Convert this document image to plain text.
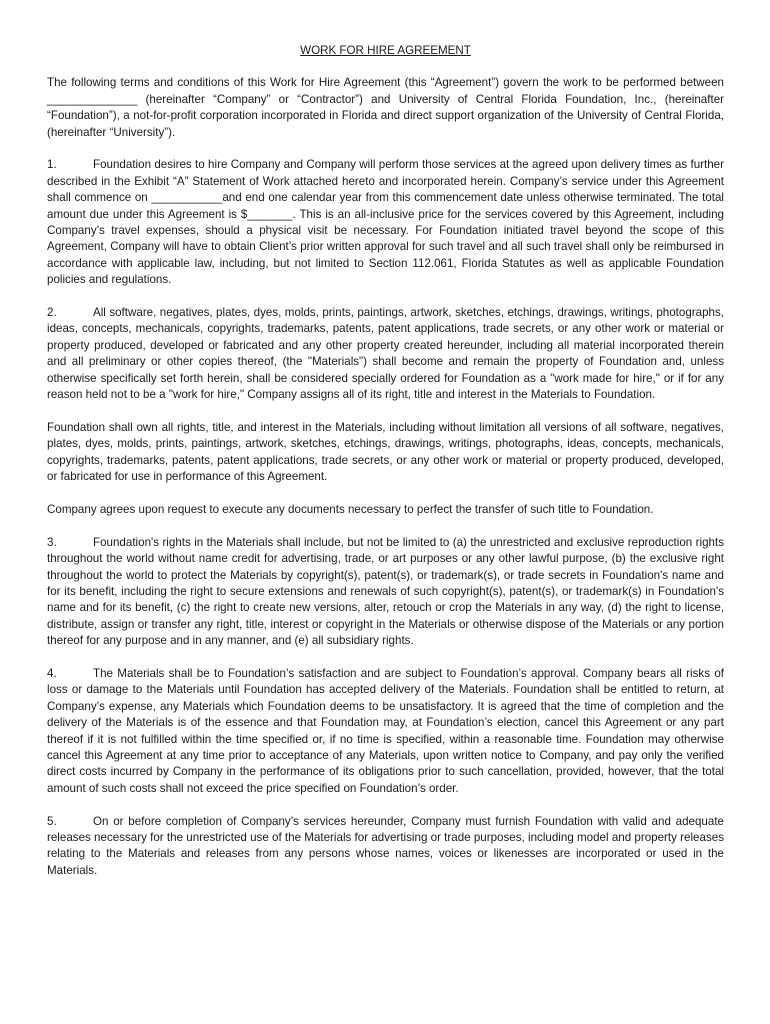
WORK FOR HIRE AGREEMENT

The following terms and conditions of this Work for Hire Agreement (this “Agreement”) govern the work to be performed between ______________ (hereinafter “Company” or “Contractor”) and University of Central Florida Foundation, Inc., (hereinafter “Foundation”), a not-for-profit corporation incorporated in Florida and direct support organization of the University of Central Florida, (hereinafter “University”).

1.	Foundation desires to hire Company and Company will perform those services at the agreed upon delivery times as further described in the Exhibit “A” Statement of Work attached hereto and incorporated herein. Company’s service under this Agreement shall commence on ___________and end one calendar year from this commencement date unless otherwise terminated. The total amount due under this Agreement is $_______. This is an all-inclusive price for the services covered by this Agreement, including Company’s travel expenses, should a physical visit be necessary. For Foundation initiated travel beyond the scope of this Agreement, Company will have to obtain Client’s prior written approval for such travel and all such travel shall only be reimbursed in accordance with applicable law, including, but not limited to Section 112.061, Florida Statutes as well as applicable Foundation policies and regulations.

2.	All software, negatives, plates, dyes, molds, prints, paintings, artwork, sketches, etchings, drawings, writings, photographs, ideas, concepts, mechanicals, copyrights, trademarks, patents, patent applications, trade secrets, or any other work or material or property produced, developed or fabricated and any other property created hereunder, including all material incorporated therein and all preliminary or other copies thereof, (the "Materials") shall become and remain the property of Foundation and, unless otherwise specifically set forth herein, shall be considered specially ordered for Foundation as a "work made for hire," or if for any reason held not to be a "work for hire," Company assigns all of its right, title and interest in the Materials to Foundation.

Foundation shall own all rights, title, and interest in the Materials, including without limitation all versions of all software, negatives, plates, dyes, molds, prints, paintings, artwork, sketches, etchings, drawings, writings, photographs, ideas, concepts, mechanicals, copyrights, trademarks, patents, patent applications, trade secrets, or any other work or material or property produced, developed, or fabricated for use in performance of this Agreement.

Company agrees upon request to execute any documents necessary to perfect the transfer of such title to Foundation.

3.	Foundation's rights in the Materials shall include, but not be limited to (a) the unrestricted and exclusive reproduction rights throughout the world without name credit for advertising, trade, or art purposes or any other lawful purpose, (b) the exclusive right throughout the world to protect the Materials by copyright(s), patent(s), or trademark(s), or trade secrets in Foundation's name and for its benefit, including the right to secure extensions and renewals of such copyright(s), patent(s), or trademark(s) in Foundation's name and for its benefit, (c) the right to create new versions, alter, retouch or crop the Materials in any way, (d) the right to license, distribute, assign or transfer any right, title, interest or copyright in the Materials or otherwise dispose of the Materials or any portion thereof for any purpose and in any manner, and (e) all subsidiary rights.

4.	The Materials shall be to Foundation’s satisfaction and are subject to Foundation’s approval. Company bears all risks of loss or damage to the Materials until Foundation has accepted delivery of the Materials. Foundation shall be entitled to return, at Company’s expense, any Materials which Foundation deems to be unsatisfactory. It is agreed that the time of completion and the delivery of the Materials is of the essence and that Foundation may, at Foundation’s election, cancel this Agreement or any part thereof if it is not fulfilled within the time specified or, if no time is specified, within a reasonable time. Foundation may otherwise cancel this Agreement at any time prior to acceptance of any Materials, upon written notice to Company, and pay only the verified direct costs incurred by Company in the performance of its obligations prior to such cancellation, provided, however, that the total amount of such costs shall not exceed the price specified on Foundation’s order.

5.	On or before completion of Company’s services hereunder, Company must furnish Foundation with valid and adequate releases necessary for the unrestricted use of the Materials for advertising or trade purposes, including model and property releases relating to the Materials and releases from any persons whose names, voices or likenesses are incorporated or used in the Materials.
